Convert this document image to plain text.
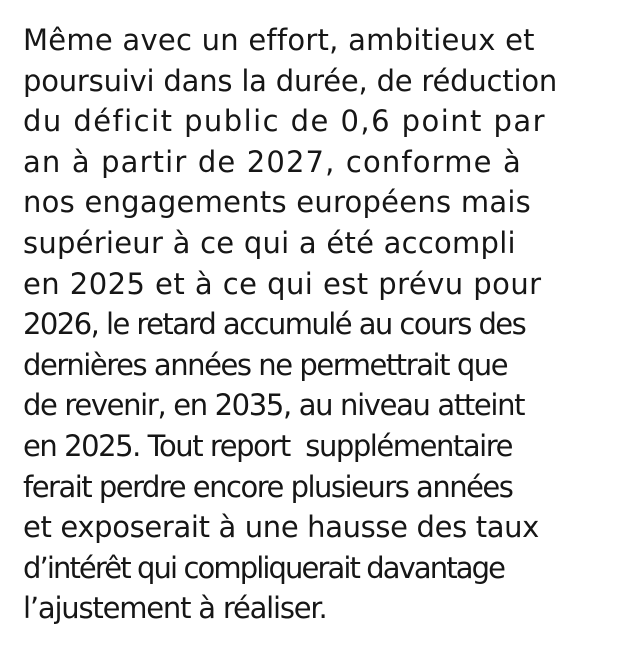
Même avec un effort, ambitieux et
poursuivi dans la durée, de réduction
du déficit public de 0,6 point par
an à partir de 2027, conforme à
nos engagements européens mais
supérieur à ce qui a été accompli
en 2025 et à ce qui est prévu pour
2026, le retard accumulé au cours des
dernières années ne permettrait que
de revenir, en 2035, au niveau atteint
en 2025. Tout report  supplémentaire
ferait perdre encore plusieurs années
et exposerait à une hausse des taux
d’intérêt qui compliquerait davantage
l’ajustement à réaliser.
